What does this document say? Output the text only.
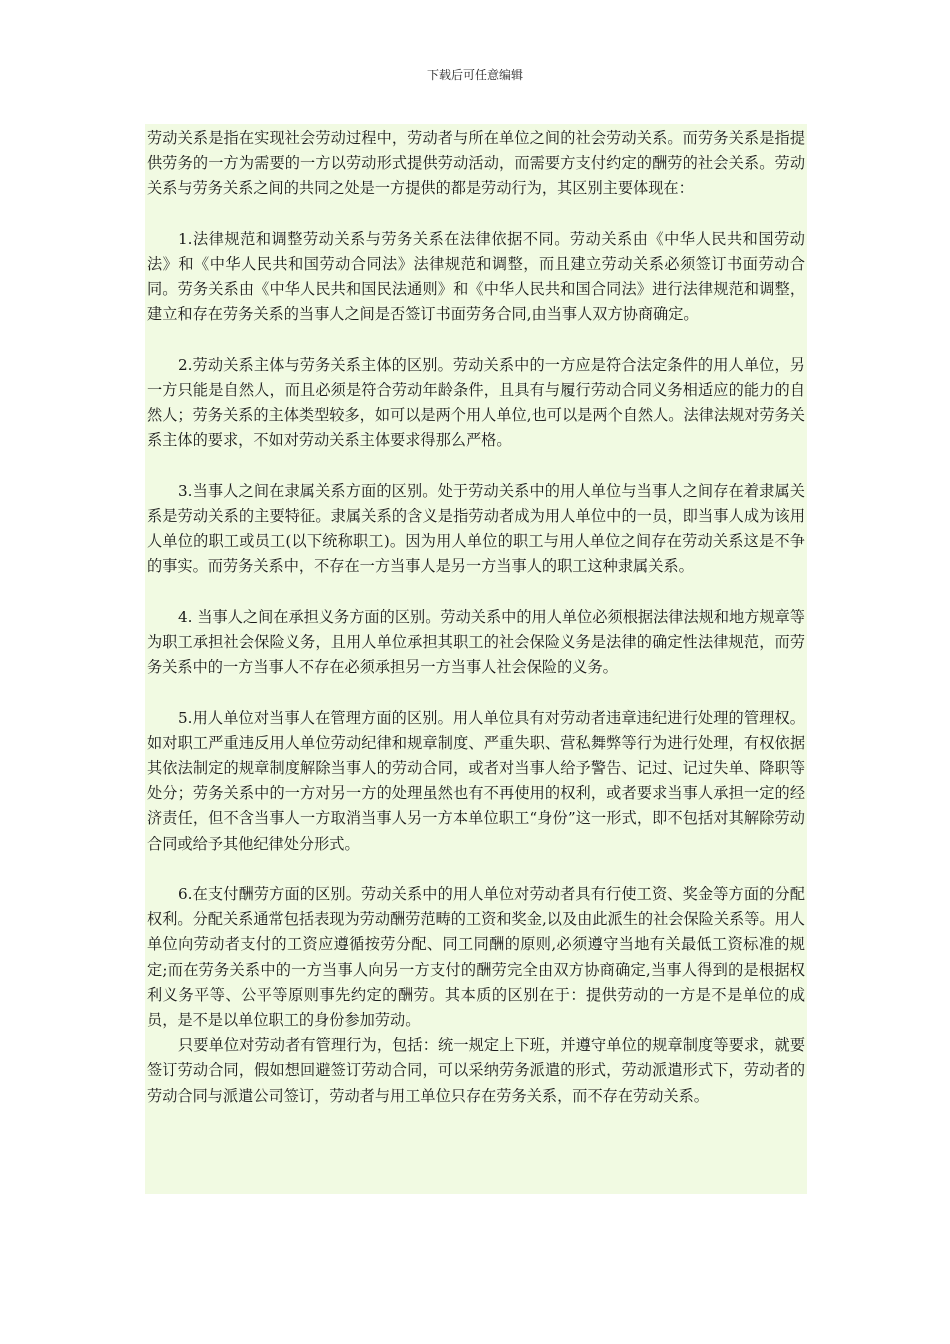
下载后可任意编辑

劳动关系是指在实现社会劳动过程中，劳动者与所在单位之间的社会劳动关系。而劳务关系是指提供劳务的一方为需要的一方以劳动形式提供劳动活动，而需要方支付约定的酬劳的社会关系。劳动关系与劳务关系之间的共同之处是一方提供的都是劳动行为，其区别主要体现在：

1.法律规范和调整劳动关系与劳务关系在法律依据不同。劳动关系由《中华人民共和国劳动法》和《中华人民共和国劳动合同法》法律规范和调整，而且建立劳动关系必须签订书面劳动合同。劳务关系由《中华人民共和国民法通则》和《中华人民共和国合同法》进行法律规范和调整，建立和存在劳务关系的当事人之间是否签订书面劳务合同,由当事人双方协商确定。

2.劳动关系主体与劳务关系主体的区别。劳动关系中的一方应是符合法定条件的用人单位，另一方只能是自然人，而且必须是符合劳动年龄条件，且具有与履行劳动合同义务相适应的能力的自然人；劳务关系的主体类型较多，如可以是两个用人单位,也可以是两个自然人。法律法规对劳务关系主体的要求，不如对劳动关系主体要求得那么严格。

3.当事人之间在隶属关系方面的区别。处于劳动关系中的用人单位与当事人之间存在着隶属关系是劳动关系的主要特征。隶属关系的含义是指劳动者成为用人单位中的一员，即当事人成为该用人单位的职工或员工(以下统称职工)。因为用人单位的职工与用人单位之间存在劳动关系这是不争的事实。而劳务关系中，不存在一方当事人是另一方当事人的职工这种隶属关系。

4. 当事人之间在承担义务方面的区别。劳动关系中的用人单位必须根据法律法规和地方规章等为职工承担社会保险义务，且用人单位承担其职工的社会保险义务是法律的确定性法律规范，而劳务关系中的一方当事人不存在必须承担另一方当事人社会保险的义务。

5.用人单位对当事人在管理方面的区别。用人单位具有对劳动者违章违纪进行处理的管理权。如对职工严重违反用人单位劳动纪律和规章制度、严重失职、营私舞弊等行为进行处理，有权依据其依法制定的规章制度解除当事人的劳动合同，或者对当事人给予警告、记过、记过失单、降职等处分；劳务关系中的一方对另一方的处理虽然也有不再使用的权利，或者要求当事人承担一定的经济责任，但不含当事人一方取消当事人另一方本单位职工“身份”这一形式，即不包括对其解除劳动合同或给予其他纪律处分形式。

6.在支付酬劳方面的区别。劳动关系中的用人单位对劳动者具有行使工资、奖金等方面的分配权利。分配关系通常包括表现为劳动酬劳范畴的工资和奖金,以及由此派生的社会保险关系等。用人单位向劳动者支付的工资应遵循按劳分配、同工同酬的原则,必须遵守当地有关最低工资标准的规定;而在劳务关系中的一方当事人向另一方支付的酬劳完全由双方协商确定,当事人得到的是根据权利义务平等、公平等原则事先约定的酬劳。其本质的区别在于：提供劳动的一方是不是单位的成员，是不是以单位职工的身份参加劳动。

只要单位对劳动者有管理行为，包括：统一规定上下班，并遵守单位的规章制度等要求，就要签订劳动合同，假如想回避签订劳动合同，可以采纳劳务派遣的形式，劳动派遣形式下，劳动者的劳动合同与派遣公司签订，劳动者与用工单位只存在劳务关系，而不存在劳动关系。
